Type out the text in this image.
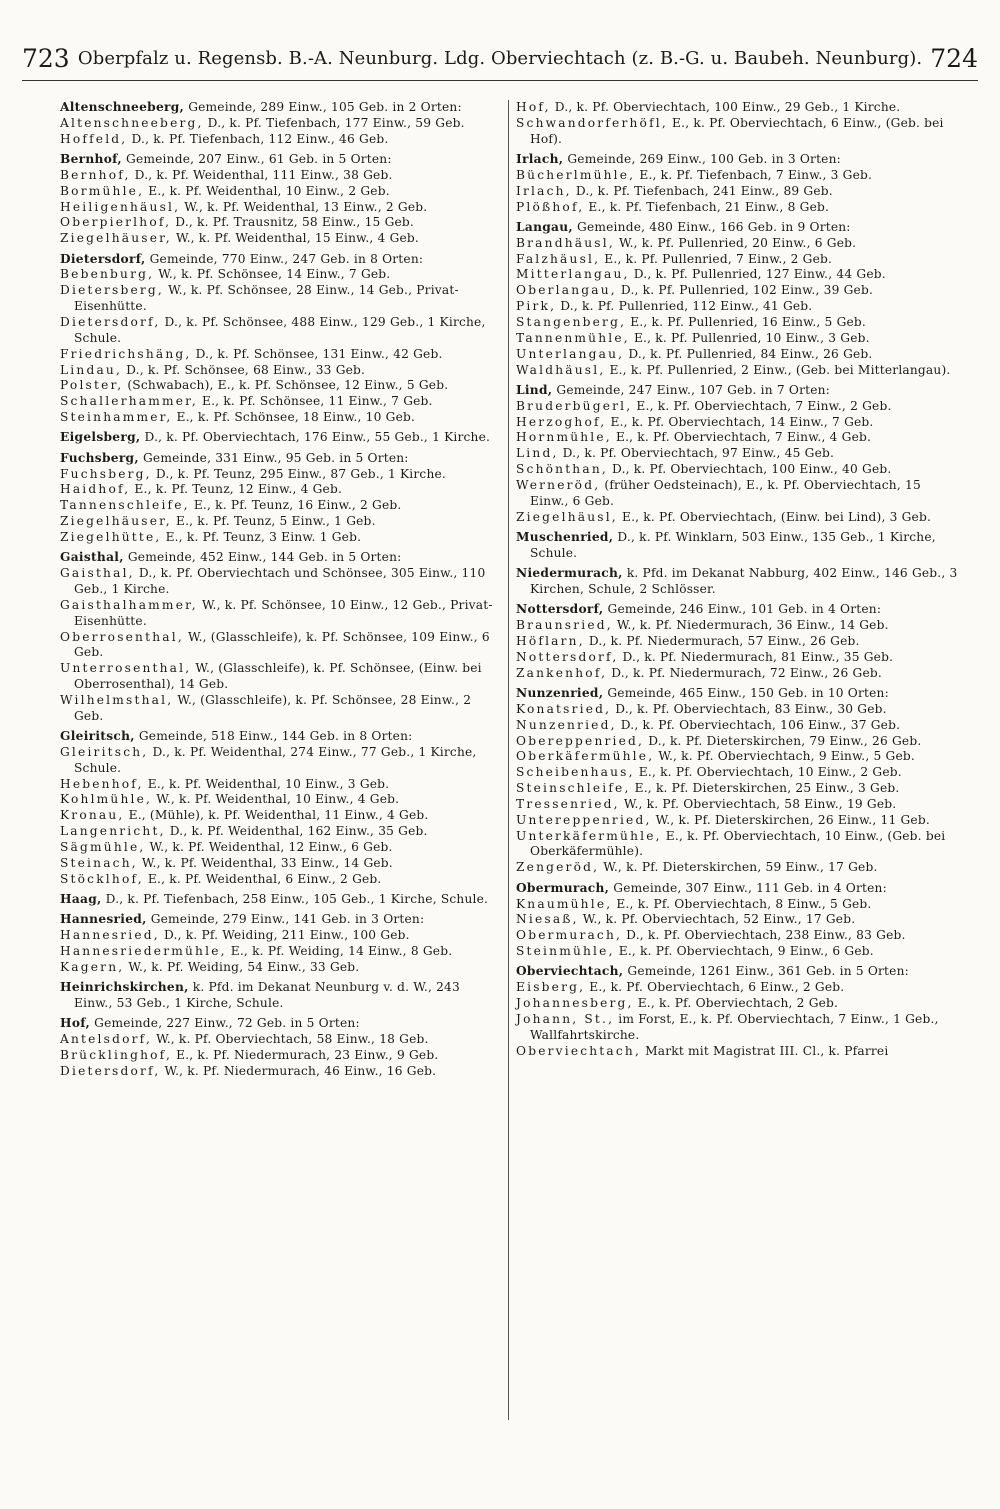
723 Oberpfalz u. Regensb. B.-A. Neunburg. Ldg. Oberviechtach (z. B.-G. u. Baubeh. Neunburg). 724
Altenschneeberg, Gemeinde, 289 Einw., 105 Geb. in 2 Orten:
Altenschneeberg, D., k. Pf. Tiefenbach, 177 Einw., 59 Geb.
Hoffeld, D., k. Pf. Tiefenbach, 112 Einw., 46 Geb.
Bernhof, Gemeinde, 207 Einw., 61 Geb. in 5 Orten:
Bernhof, D., k. Pf. Weidenthal, 111 Einw., 38 Geb.
Bormühle, E., k. Pf. Weidenthal, 10 Einw., 2 Geb.
Heiligenhäusl, W., k. Pf. Weidenthal, 13 Einw., 2 Geb.
Oberpierlhof, D., k. Pf. Trausnitz, 58 Einw., 15 Geb.
Ziegelhäuser, W., k. Pf. Weidenthal, 15 Einw., 4 Geb.
Dietersdorf, Gemeinde, 770 Einw., 247 Geb. in 8 Orten:
Bebenburg, W., k. Pf. Schönsee, 14 Einw., 7 Geb.
Dietersberg, W., k. Pf. Schönsee, 28 Einw., 14 Geb., Privat-Eisenhütte.
Dietersdorf, D., k. Pf. Schönsee, 488 Einw., 129 Geb., 1 Kirche, Schule.
Friedrichshäng, D., k. Pf. Schönsee, 131 Einw., 42 Geb.
Lindau, D., k. Pf. Schönsee, 68 Einw., 33 Geb.
Polster, (Schwabach), E., k. Pf. Schönsee, 12 Einw., 5 Geb.
Schallerhammer, E., k. Pf. Schönsee, 11 Einw., 7 Geb.
Steinhammer, E., k. Pf. Schönsee, 18 Einw., 10 Geb.
Eigelsberg, D., k. Pf. Oberviechtach, 176 Einw., 55 Geb., 1 Kirche.
Fuchsberg, Gemeinde, 331 Einw., 95 Geb. in 5 Orten:
Fuchsberg, D., k. Pf. Teunz, 295 Einw., 87 Geb., 1 Kirche.
Haidhof, E., k. Pf. Teunz, 12 Einw., 4 Geb.
Tannenschleife, E., k. Pf. Teunz, 16 Einw., 2 Geb.
Ziegelhäuser, E., k. Pf. Teunz, 5 Einw., 1 Geb.
Ziegelhütte, E., k. Pf. Teunz, 3 Einw. 1 Geb.
Gaisthal, Gemeinde, 452 Einw., 144 Geb. in 5 Orten:
Gaisthal, D., k. Pf. Oberviechtach und Schönsee, 305 Einw., 110 Geb., 1 Kirche.
Gaisthalhammer, W., k. Pf. Schönsee, 10 Einw., 12 Geb., Privat-Eisenhütte.
Oberrosenthal, W., (Glasschleife), k. Pf. Schönsee, 109 Einw., 6 Geb.
Unterrosenthal, W., (Glasschleife), k. Pf. Schönsee, (Einw. bei Oberrosenthal), 14 Geb.
Wilhelmsthal, W., (Glasschleife), k. Pf. Schönsee, 28 Einw., 2 Geb.
Gleiritsch, Gemeinde, 518 Einw., 144 Geb. in 8 Orten:
Gleiritsch, D., k. Pf. Weidenthal, 274 Einw., 77 Geb., 1 Kirche, Schule.
Hebenhof, E., k. Pf. Weidenthal, 10 Einw., 3 Geb.
Kohlmühle, W., k. Pf. Weidenthal, 10 Einw., 4 Geb.
Kronau, E., (Mühle), k. Pf. Weidenthal, 11 Einw., 4 Geb.
Langenricht, D., k. Pf. Weidenthal, 162 Einw., 35 Geb.
Sägmühle, W., k. Pf. Weidenthal, 12 Einw., 6 Geb.
Steinach, W., k. Pf. Weidenthal, 33 Einw., 14 Geb.
Stöcklhof, E., k. Pf. Weidenthal, 6 Einw., 2 Geb.
Haag, D., k. Pf. Tiefenbach, 258 Einw., 105 Geb., 1 Kirche, Schule.
Hannesried, Gemeinde, 279 Einw., 141 Geb. in 3 Orten:
Hannesried, D., k. Pf. Weiding, 211 Einw., 100 Geb.
Hannesriedermühle, E., k. Pf. Weiding, 14 Einw., 8 Geb.
Kagern, W., k. Pf. Weiding, 54 Einw., 33 Geb.
Heinrichskirchen, k. Pfd. im Dekanat Neunburg v. d. W., 243 Einw., 53 Geb., 1 Kirche, Schule.
Hof, Gemeinde, 227 Einw., 72 Geb. in 5 Orten:
Antelsdorf, W., k. Pf. Oberviechtach, 58 Einw., 18 Geb.
Brücklinghof, E., k. Pf. Niedermurach, 23 Einw., 9 Geb.
Dietersdorf, W., k. Pf. Niedermurach, 46 Einw., 16 Geb.
Hof, D., k. Pf. Oberviechtach, 100 Einw., 29 Geb., 1 Kirche.
Schwandorferhöfl, E., k. Pf. Oberviechtach, 6 Einw., (Geb. bei Hof).
Irlach, Gemeinde, 269 Einw., 100 Geb. in 3 Orten:
Bücherlmühle, E., k. Pf. Tiefenbach, 7 Einw., 3 Geb.
Irlach, D., k. Pf. Tiefenbach, 241 Einw., 89 Geb.
Plößhof, E., k. Pf. Tiefenbach, 21 Einw., 8 Geb.
Langau, Gemeinde, 480 Einw., 166 Geb. in 9 Orten:
Brandhäusl, W., k. Pf. Pullenried, 20 Einw., 6 Geb.
Falzhäusl, E., k. Pf. Pullenried, 7 Einw., 2 Geb.
Mitterlangau, D., k. Pf. Pullenried, 127 Einw., 44 Geb.
Oberlangau, D., k. Pf. Pullenried, 102 Einw., 39 Geb.
Pirk, D., k. Pf. Pullenried, 112 Einw., 41 Geb.
Stangenberg, E., k. Pf. Pullenried, 16 Einw., 5 Geb.
Tannenmühle, E., k. Pf. Pullenried, 10 Einw., 3 Geb.
Unterlangau, D., k. Pf. Pullenried, 84 Einw., 26 Geb.
Waldhäusl, E., k. Pf. Pullenried, 2 Einw., (Geb. bei Mitterlangau).
Lind, Gemeinde, 247 Einw., 107 Geb. in 7 Orten:
Bruderbügerl, E., k. Pf. Oberviechtach, 7 Einw., 2 Geb.
Herzoghof, E., k. Pf. Oberviechtach, 14 Einw., 7 Geb.
Hornmühle, E., k. Pf. Oberviechtach, 7 Einw., 4 Geb.
Lind, D., k. Pf. Oberviechtach, 97 Einw., 45 Geb.
Schönthan, D., k. Pf. Oberviechtach, 100 Einw., 40 Geb.
Werneröd, (früher Oedsteinach), E., k. Pf. Oberviechtach, 15 Einw., 6 Geb.
Ziegelhäusl, E., k. Pf. Oberviechtach, (Einw. bei Lind), 3 Geb.
Muschenried, D., k. Pf. Winklarn, 503 Einw., 135 Geb., 1 Kirche, Schule.
Niedermurach, k. Pfd. im Dekanat Nabburg, 402 Einw., 146 Geb., 3 Kirchen, Schule, 2 Schlösser.
Nottersdorf, Gemeinde, 246 Einw., 101 Geb. in 4 Orten:
Braunsried, W., k. Pf. Niedermurach, 36 Einw., 14 Geb.
Höflarn, D., k. Pf. Niedermurach, 57 Einw., 26 Geb.
Nottersdorf, D., k. Pf. Niedermurach, 81 Einw., 35 Geb.
Zankenhof, D., k. Pf. Niedermurach, 72 Einw., 26 Geb.
Nunzenried, Gemeinde, 465 Einw., 150 Geb. in 10 Orten:
Konatsried, D., k. Pf. Oberviechtach, 83 Einw., 30 Geb.
Nunzenried, D., k. Pf. Oberviechtach, 106 Einw., 37 Geb.
Obereppenried, D., k. Pf. Dieterskirchen, 79 Einw., 26 Geb.
Oberkäfermühle, W., k. Pf. Oberviechtach, 9 Einw., 5 Geb.
Scheibenhaus, E., k. Pf. Oberviechtach, 10 Einw., 2 Geb.
Steinschleife, E., k. Pf. Dieterskirchen, 25 Einw., 3 Geb.
Tressenried, W., k. Pf. Oberviechtach, 58 Einw., 19 Geb.
Untereppenried, W., k. Pf. Dieterskirchen, 26 Einw., 11 Geb.
Unterkäfermühle, E., k. Pf. Oberviechtach, 10 Einw., (Geb. bei Oberkäfermühle).
Zengeröd, W., k. Pf. Dieterskirchen, 59 Einw., 17 Geb.
Obermurach, Gemeinde, 307 Einw., 111 Geb. in 4 Orten:
Knaumühle, E., k. Pf. Oberviechtach, 8 Einw., 5 Geb.
Niesaß, W., k. Pf. Oberviechtach, 52 Einw., 17 Geb.
Obermurach, D., k. Pf. Oberviechtach, 238 Einw., 83 Geb.
Steinmühle, E., k. Pf. Oberviechtach, 9 Einw., 6 Geb.
Oberviechtach, Gemeinde, 1261 Einw., 361 Geb. in 5 Orten:
Eisberg, E., k. Pf. Oberviechtach, 6 Einw., 2 Geb.
Johannesberg, E., k. Pf. Oberviechtach, 2 Geb.
Johann, St., im Forst, E., k. Pf. Oberviechtach, 7 Einw., 1 Geb., Wallfahrtskirche.
Oberviechtach, Markt mit Magistrat III. Cl., k. Pfarrei
